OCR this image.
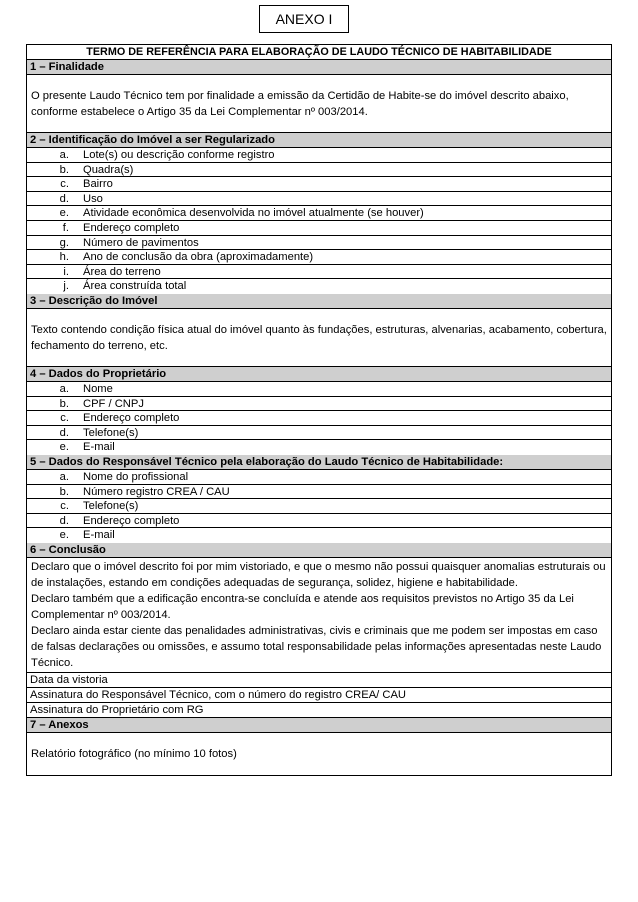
ANEXO I
TERMO DE REFERÊNCIA PARA ELABORAÇÃO DE LAUDO TÉCNICO DE HABITABILIDADE
1 – Finalidade
O presente Laudo Técnico tem por finalidade a emissão da Certidão de Habite-se do imóvel descrito abaixo, conforme estabelece o Artigo 35 da Lei Complementar nº 003/2014.
2 – Identificação do Imóvel a ser Regularizado
a.	Lote(s) ou descrição conforme registro
b.	Quadra(s)
c.	Bairro
d.	Uso
e.	Atividade econômica desenvolvida no imóvel atualmente (se houver)
f.	Endereço completo
g.	Número de pavimentos
h.	Ano de conclusão da obra (aproximadamente)
i.	Área do terreno
j.	Área construída total
3 – Descrição do Imóvel
Texto contendo condição física atual do imóvel quanto às fundações, estruturas, alvenarias, acabamento, cobertura, fechamento do terreno, etc.
4 – Dados do Proprietário
a.	Nome
b.	CPF / CNPJ
c.	Endereço completo
d.	Telefone(s)
e.	E-mail
5 – Dados do Responsável Técnico pela elaboração do Laudo Técnico de Habitabilidade:
a.	Nome do profissional
b.	Número registro CREA / CAU
c.	Telefone(s)
d.	Endereço completo
e.	E-mail
6 – Conclusão
Declaro que o imóvel descrito foi por mim vistoriado, e que o mesmo não possui quaisquer anomalias estruturais ou de instalações, estando em condições adequadas de segurança, solidez, higiene e habitabilidade.
Declaro também que a edificação encontra-se concluída e atende aos requisitos previstos no Artigo 35 da Lei Complementar nº 003/2014.
Declaro ainda estar ciente das penalidades administrativas, civis e criminais que me podem ser impostas em caso de falsas declarações ou omissões, e assumo total responsabilidade pelas informações apresentadas neste Laudo Técnico.
Data da vistoria
Assinatura do Responsável Técnico, com o número do registro CREA/ CAU
Assinatura do Proprietário com RG
7 – Anexos
Relatório fotográfico (no mínimo 10 fotos)
